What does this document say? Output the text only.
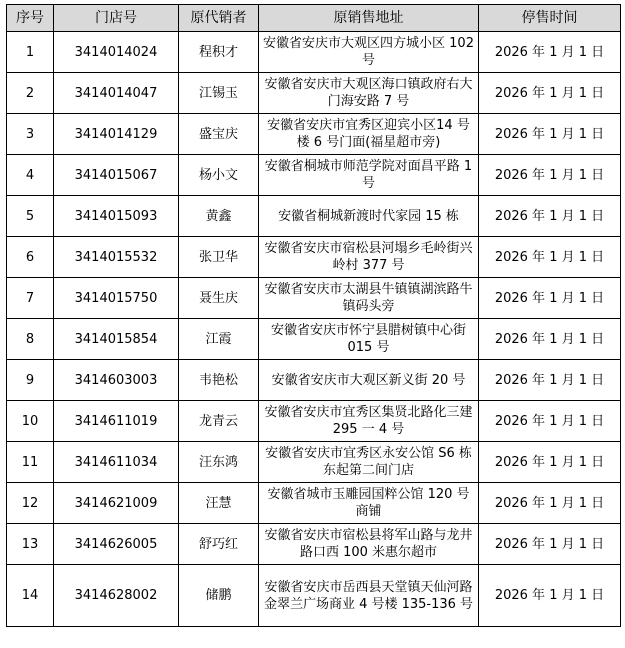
序号	门店号	原代销者	原销售地址	停售时间
1	3414014024	程积才	安徽省安庆市大观区四方城小区 102 号	2026 年 1 月 1 日
2	3414014047	江锡玉	安徽省安庆市大观区海口镇政府右大门海安路 7 号	2026 年 1 月 1 日
3	3414014129	盛宝庆	安徽省安庆市宜秀区迎宾小区14 号楼 6 号门面(福星超市旁)	2026 年 1 月 1 日
4	3414015067	杨小文	安徽省桐城市师范学院对面昌平路 1 号	2026 年 1 月 1 日
5	3414015093	黄鑫	安徽省桐城新渡时代家园 15 栋	2026 年 1 月 1 日
6	3414015532	张卫华	安徽省安庆市宿松县河塌乡毛岭街兴岭村 377 号	2026 年 1 月 1 日
7	3414015750	聂生庆	安徽省安庆市太湖县牛镇镇湖滨路牛镇码头旁	2026 年 1 月 1 日
8	3414015854	江霞	安徽省安庆市怀宁县腊树镇中心街 015 号	2026 年 1 月 1 日
9	3414603003	韦艳松	安徽省安庆市大观区新义街 20 号	2026 年 1 月 1 日
10	3414611019	龙青云	安徽省安庆市宜秀区集贤北路化三建 295 一 4 号	2026 年 1 月 1 日
11	3414611034	汪东鸿	安徽省安庆市宜秀区永安公馆 S6 栋东起第二间门店	2026 年 1 月 1 日
12	3414621009	汪慧	安徽省城市玉雕园国粹公馆 120 号商铺	2026 年 1 月 1 日
13	3414626005	舒巧红	安徽省安庆市宿松县将军山路与龙井路口西 100 米惠尔超市	2026 年 1 月 1 日
14	3414628002	储鹏	安徽省安庆市岳西县天堂镇天仙河路金翠兰广场商业 4 号楼 135-136 号	2026 年 1 月 1 日
